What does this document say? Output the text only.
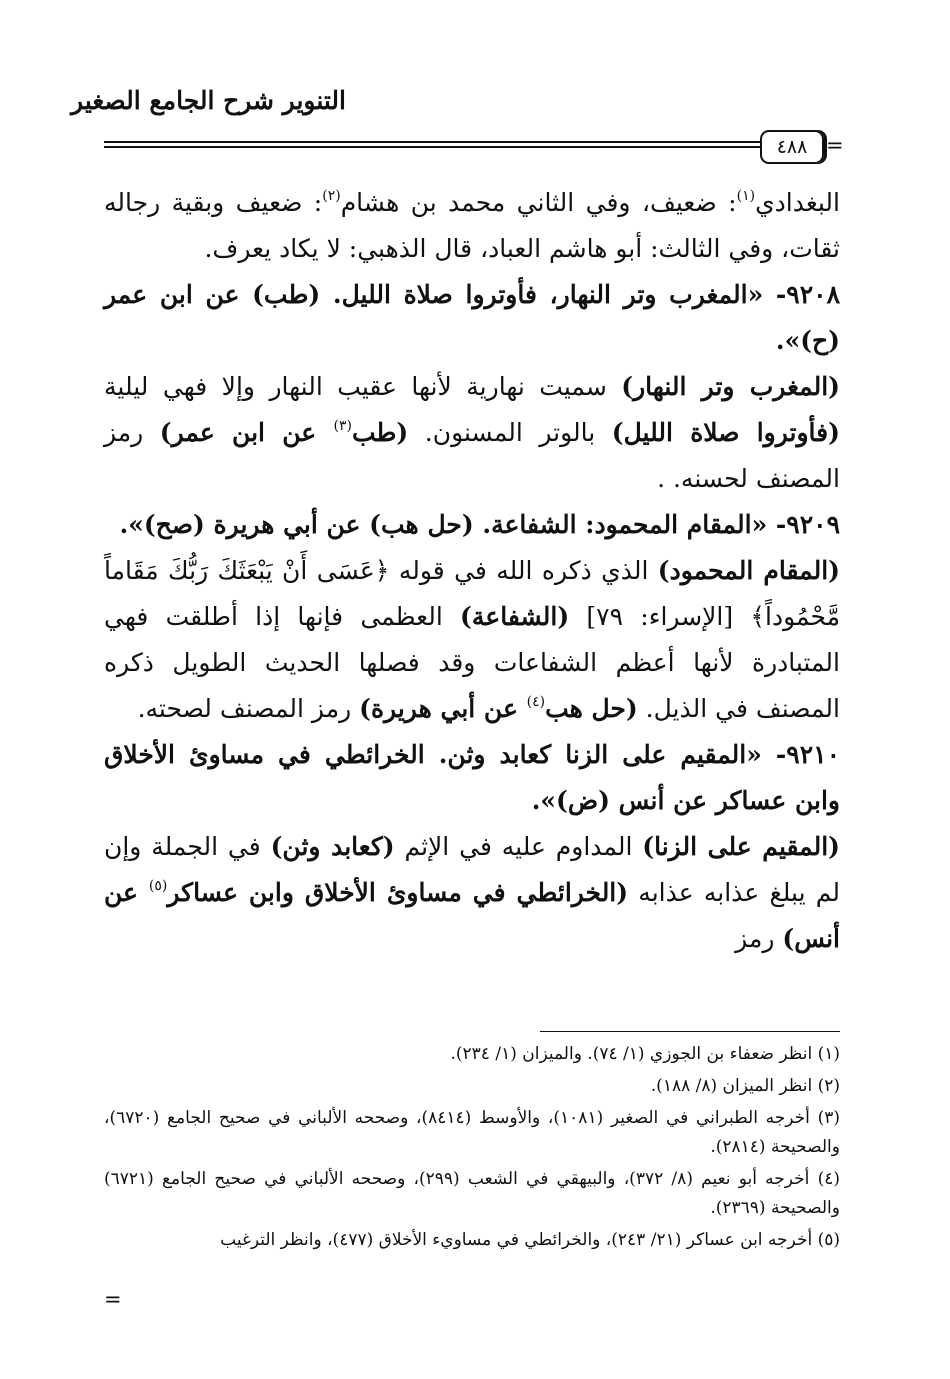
التنوير شرح الجامع الصغير
٤٨٨ =

البغدادي$^{(١)}$: ضعيف، وفي الثاني محمد بن هشام$^{(٢)}$: ضعيف وبقية رجاله ثقات، وفي الثالث: أبو هاشم العباد، قال الذهبي: لا يكاد يعرف.

٩٢٠٨- «المغرب وتر النهار، فأوتروا صلاة الليل. (طب) عن ابن عمر (ح)».

(المغرب وتر النهار) سميت نهارية لأنها عقيب النهار وإلا فهي ليلية (فأوتروا صلاة الليل) بالوتر المسنون. (طب$^{(٣)}$ عن ابن عمر) رمز المصنف لحسنه. .

٩٢٠٩- «المقام المحمود: الشفاعة. (حل هب) عن أبي هريرة (صح)».

(المقام المحمود) الذي ذكره الله في قوله ﴿عَسَى أَنْ يَبْعَثَكَ رَبُّكَ مَقَاماً مَّحْمُوداً﴾ [الإسراء: ٧٩] (الشفاعة) العظمى فإنها إذا أطلقت فهي المتبادرة لأنها أعظم الشفاعات وقد فصلها الحديث الطويل ذكره المصنف في الذيل. (حل هب$^{(٤)}$ عن أبي هريرة) رمز المصنف لصحته.

٩٢١٠- «المقيم على الزنا كعابد وثن. الخرائطي في مساوئ الأخلاق وابن عساكر عن أنس (ض)».

(المقيم على الزنا) المداوم عليه في الإثم (كعابد وثن) في الجملة وإن لم يبلغ عذابه عذابه (الخرائطي في مساوئ الأخلاق وابن عساكر$^{(٥)}$ عن أنس) رمز

(١) انظر ضعفاء بن الجوزي (١/ ٧٤). والميزان (١/ ٢٣٤).

(٢) انظر الميزان (٨/ ١٨٨).

(٣) أخرجه الطبراني في الصغير (١٠٨١)، والأوسط (٨٤١٤)، وصححه الألباني في صحيح الجامع (٦٧٢٠)، والصحيحة (٢٨١٤).

(٤) أخرجه أبو نعيم (٨/ ٣٧٢)، والبيهقي في الشعب (٢٩٩)، وصححه الألباني في صحيح الجامع (٦٧٢١) والصحيحة (٢٣٦٩).

(٥) أخرجه ابن عساكر (٢١/ ٢٤٣)، والخرائطي في مساويء الأخلاق (٤٧٧)، وانظر الترغيب

=
